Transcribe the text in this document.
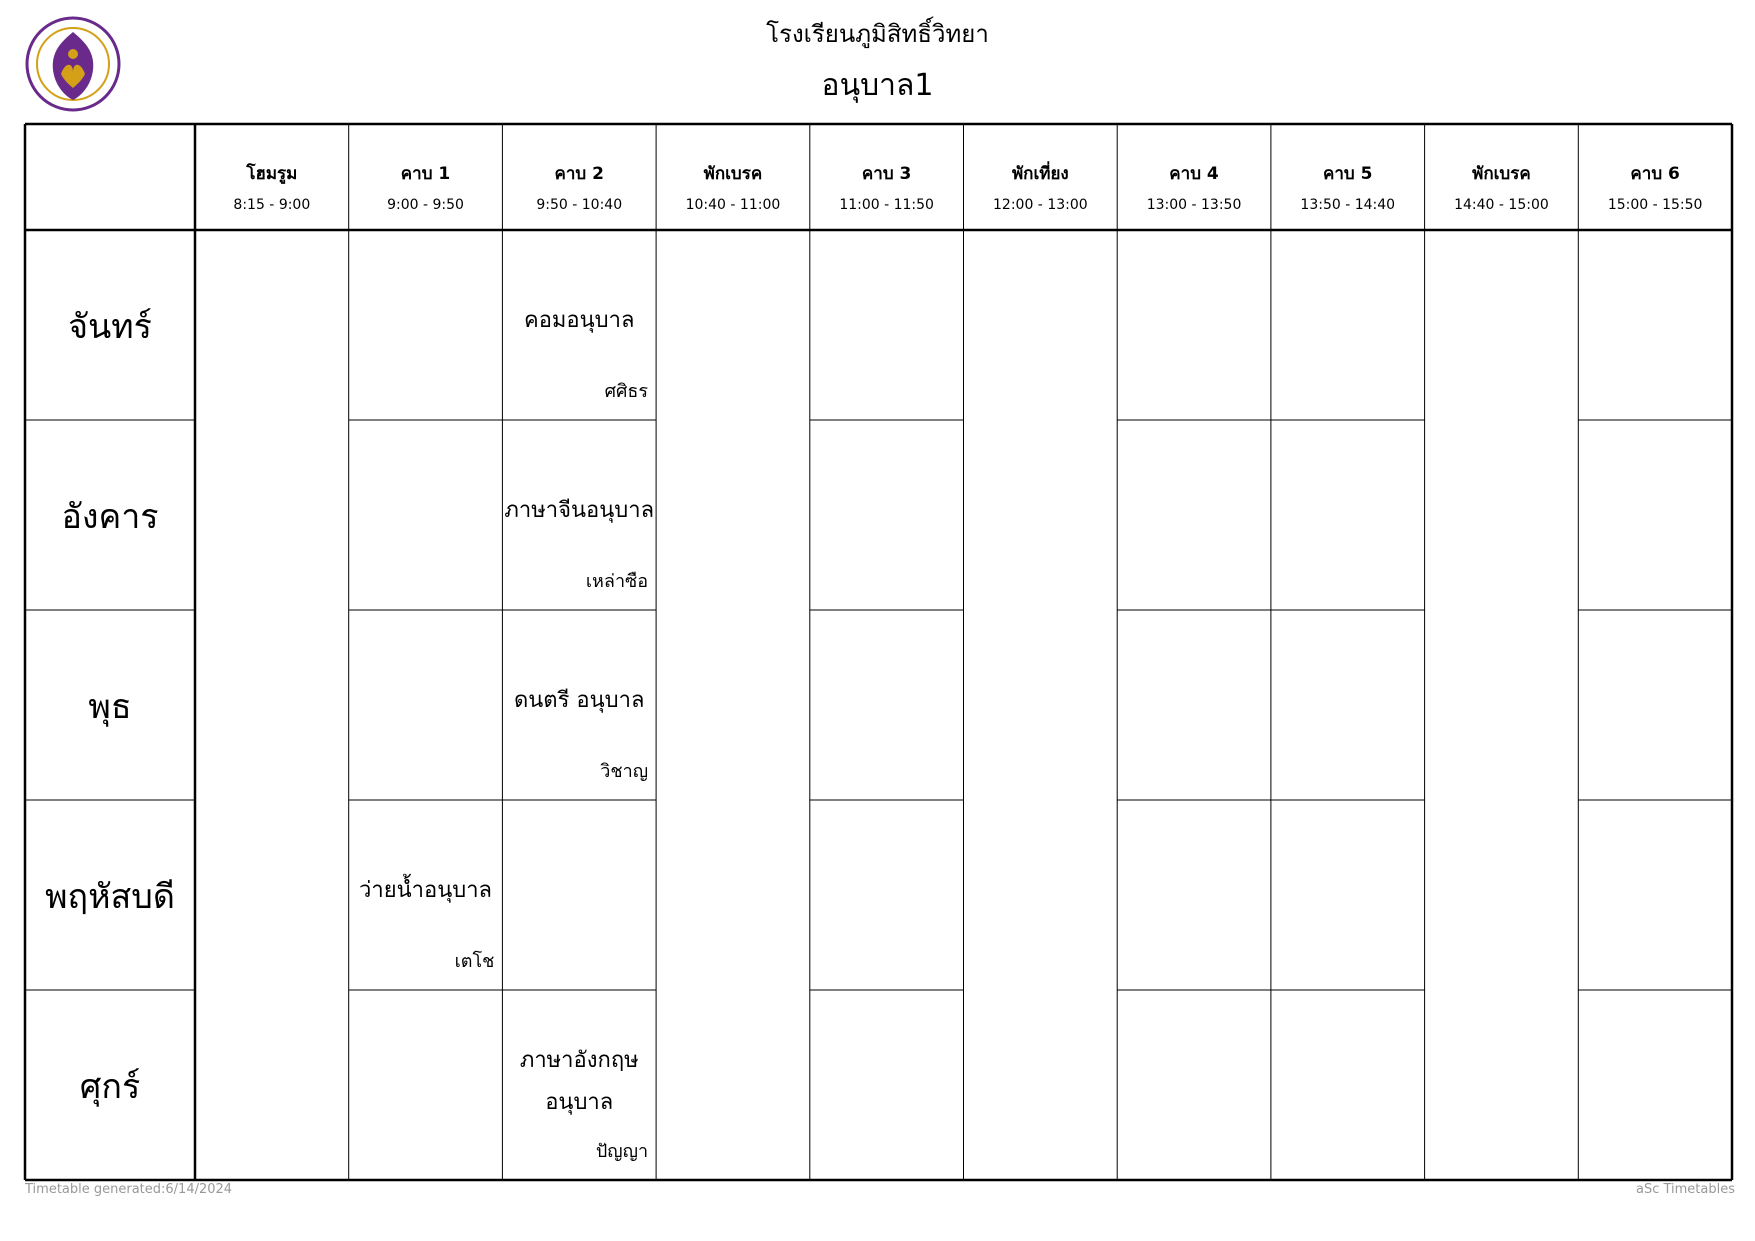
โรงเรียนภูมิสิทธิ์วิทยา
อนุบาล1
โฮมรูม
8:15 - 9:00
คาบ 1
9:00 - 9:50
คาบ 2
9:50 - 10:40
พักเบรค
10:40 - 11:00
คาบ 3
11:00 - 11:50
พักเที่ยง
12:00 - 13:00
คาบ 4
13:00 - 13:50
คาบ 5
13:50 - 14:40
พักเบรค
14:40 - 15:00
คาบ 6
15:00 - 15:50
จันทร์
อังคาร
พุธ
พฤหัสบดี
ศุกร์
คอมอนุบาล
ศศิธร
ภาษาจีนอนุบาล
เหล่าซือ
ดนตรี อนุบาล
วิชาญ
ว่ายน้ำอนุบาล
เตโช
ภาษาอังกฤษ
อนุบาล
ปัญญา
Timetable generated:6/14/2024	aSc Timetables
